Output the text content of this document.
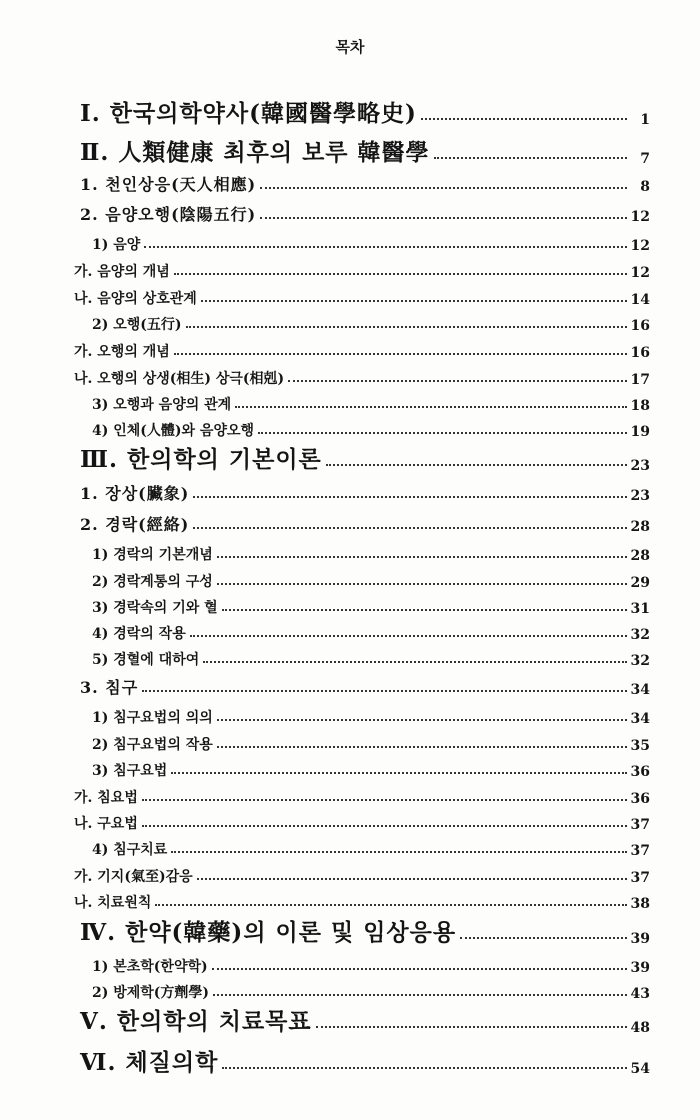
목차
Ⅰ. 한국의학약사(韓國醫學略史)	1
Ⅱ. 人類健康 최후의 보루 韓醫學	7
1. 천인상응(天人相應)	8
2. 음양오행(陰陽五行)	12
1) 음양	12
가. 음양의 개념	12
나. 음양의 상호관계	14
2) 오행(五行)	16
가. 오행의 개념	16
나. 오행의 상생(相生) 상극(相剋)	17
3) 오행과 음양의 관계	18
4) 인체(人體)와 음양오행	19
Ⅲ. 한의학의 기본이론	23
1. 장상(臟象)	23
2. 경락(經絡)	28
1) 경락의 기본개념	28
2) 경락계통의 구성	29
3) 경락속의 기와 혈	31
4) 경락의 작용	32
5) 경혈에 대하여	32
3. 침구	34
1) 침구요법의 의의	34
2) 침구요법의 작용	35
3) 침구요법	36
가. 침요법	36
나. 구요법	37
4) 침구치료	37
가. 기지(氣至)감응	37
나. 치료원칙	38
Ⅳ. 한약(韓藥)의 이론 및 임상응용	39
1) 본초학(한약학)	39
2) 방제학(方劑學)	43
Ⅴ. 한의학의 치료목표	48
Ⅵ. 체질의학	54
